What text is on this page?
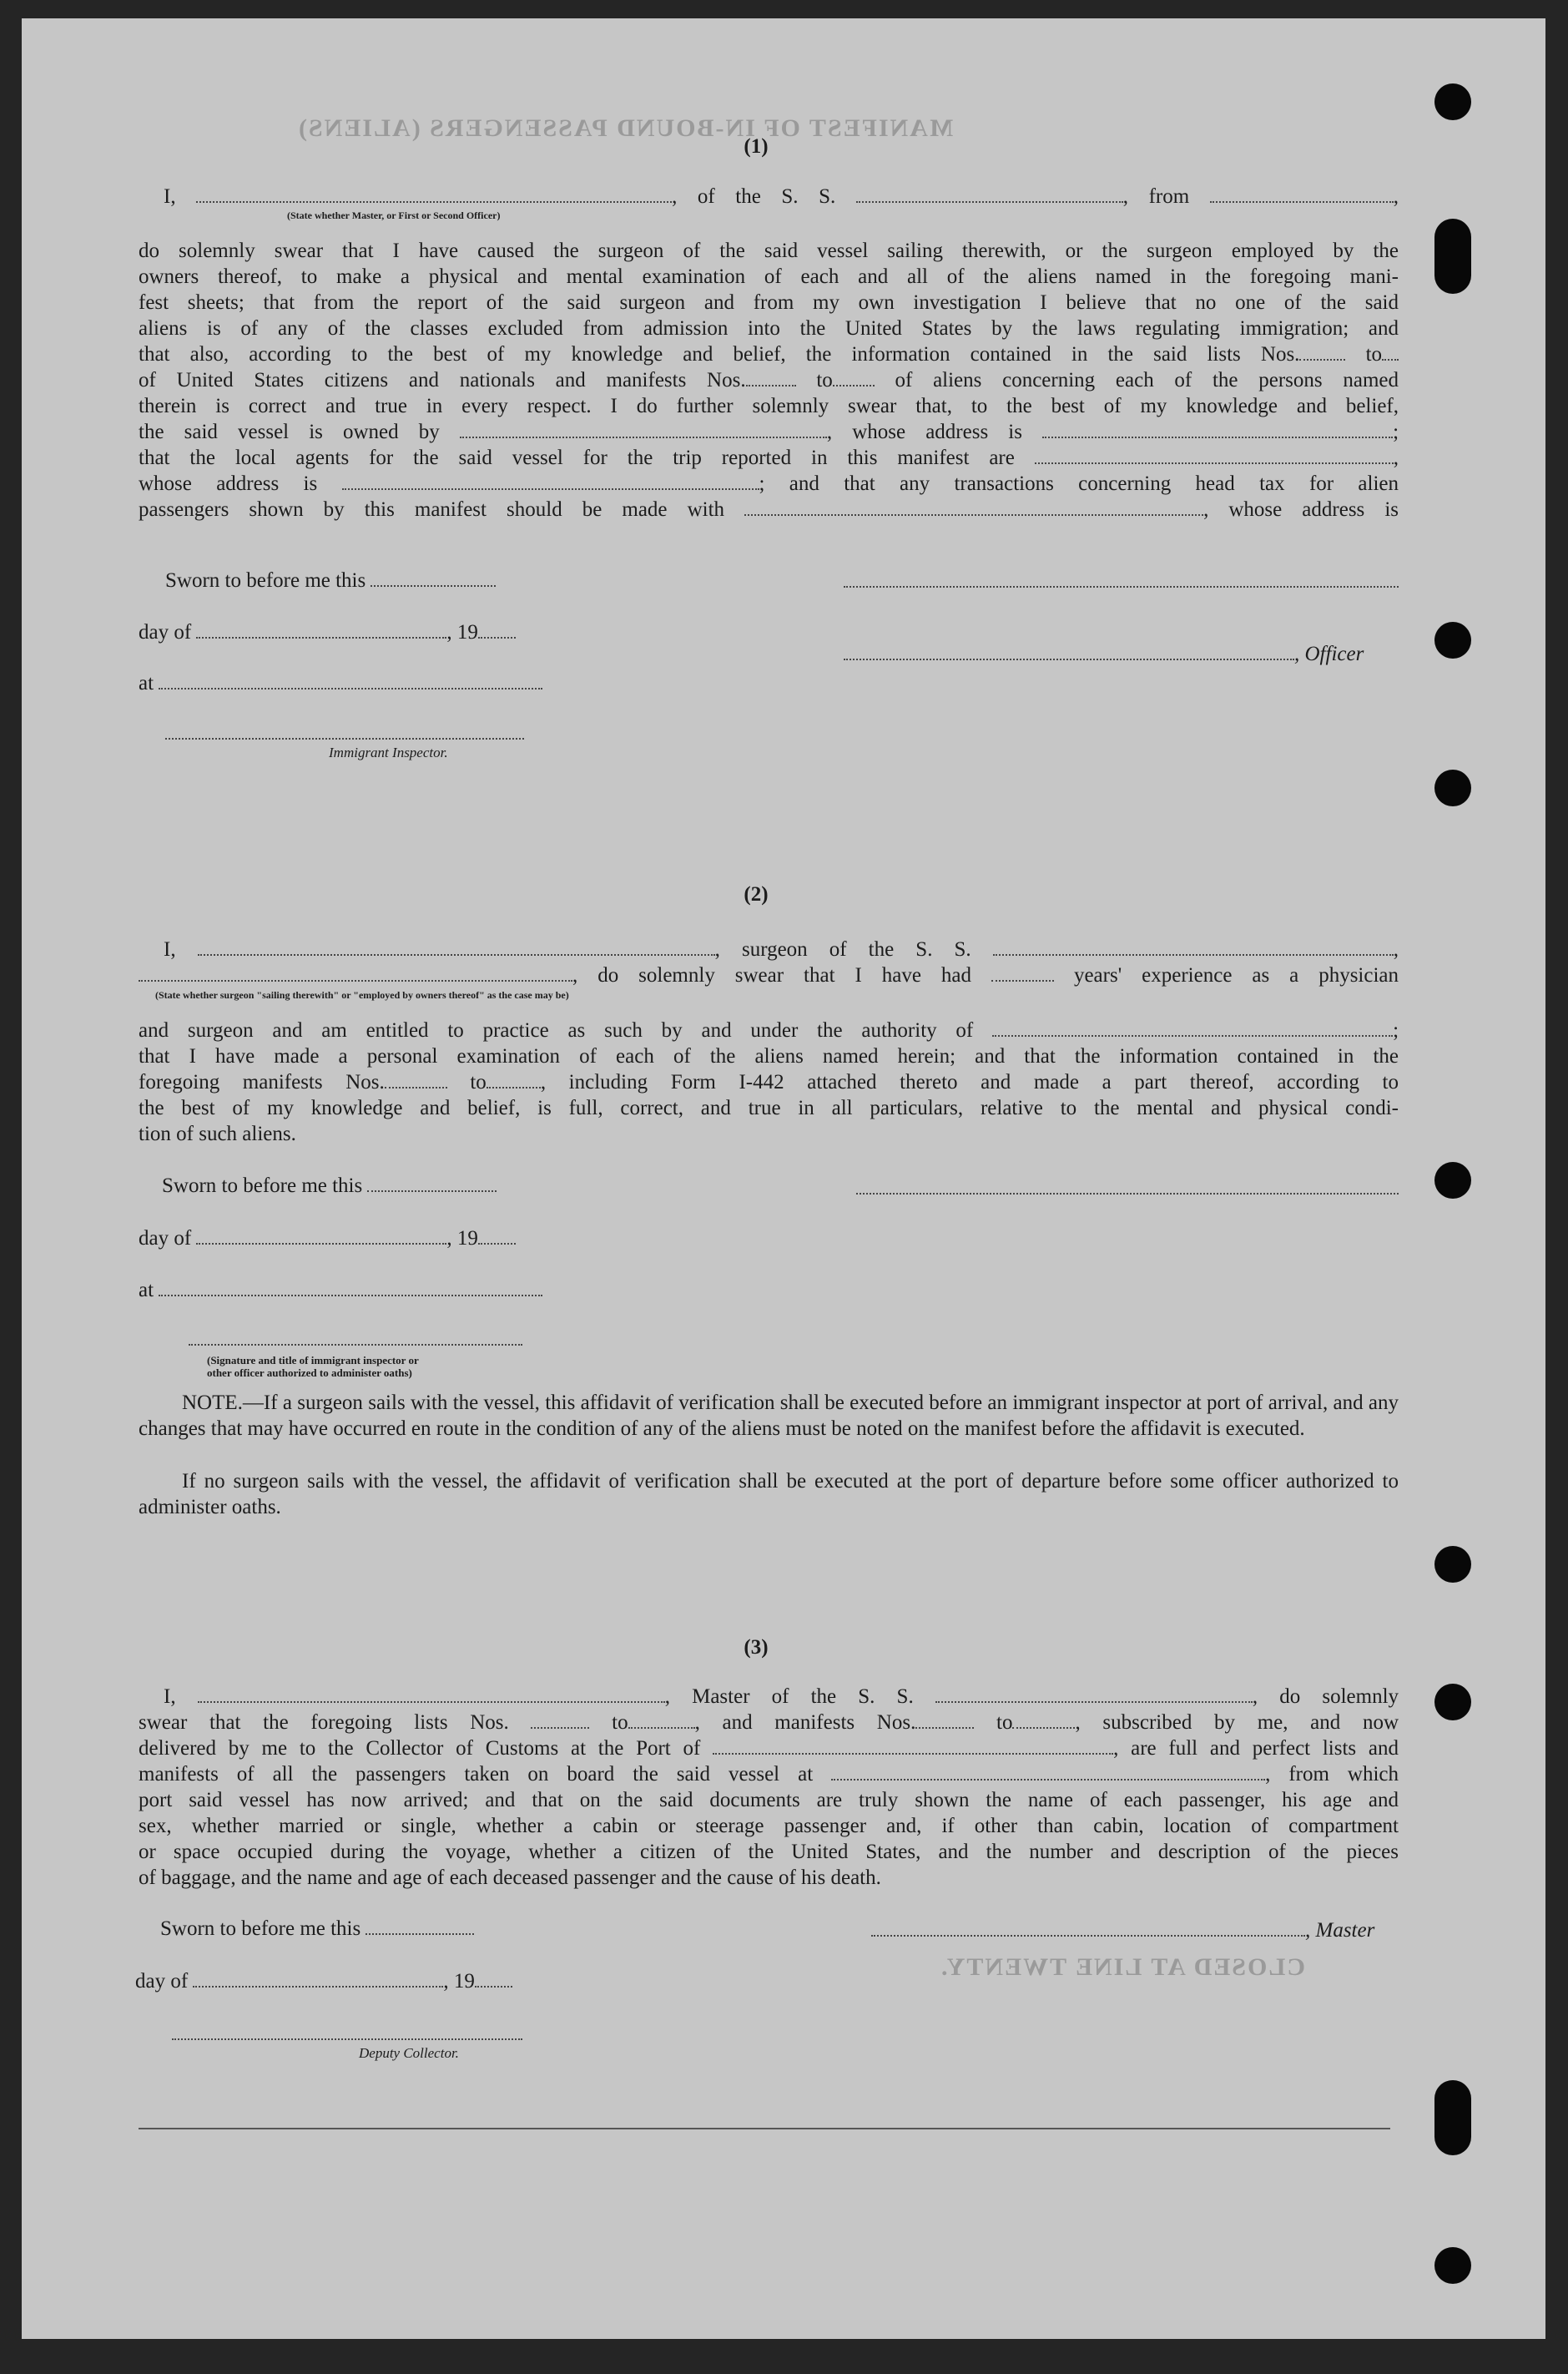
MANIFEST OF IN-BOUND PASSENGERS (ALIENS)
CLOSED AT LINE TWENTY.
(1)
I,	, of the S. S.	, from	,
(State whether Master, or First or Second Officer)
do solemnly swear that I have caused the surgeon of the said vessel sailing therewith, or the surgeon employed by the
owners thereof, to make a physical and mental examination of each and all of the aliens named in the foregoing mani-
fest sheets; that from the report of the said surgeon and from my own investigation I believe that no one of the said
aliens is of any of the classes excluded from admission into the United States by the laws regulating immigration; and
that also, according to the best of my knowledge and belief, the information contained in the said lists Nos.	to
of United States citizens and nationals and manifests Nos.	to	of aliens concerning each of the persons named
therein is correct and true in every respect. I do further solemnly swear that, to the best of my knowledge and belief,
the said vessel is owned by	, whose address is	;
that the local agents for the said vessel for the trip reported in this manifest are	,
whose address is	; and that any transactions concerning head tax for alien
passengers shown by this manifest should be made with	, whose address is
Sworn to before me this
day of	, 19
at
Immigrant Inspector.
, Officer
(2)
I,	, surgeon of the S. S.	,
, do solemnly swear that I have had	years' experience as a physician
(State whether surgeon "sailing therewith" or "employed by owners thereof" as the case may be)
and surgeon and am entitled to practice as such by and under the authority of	;
that I have made a personal examination of each of the aliens named herein; and that the information contained in the
foregoing manifests Nos.	to	, including Form I-442 attached thereto and made a part thereof, according to
the best of my knowledge and belief, is full, correct, and true in all particulars, relative to the mental and physical condi-
tion of such aliens.
Sworn to before me this
day of	, 19
at
(Signature and title of immigrant inspector or
other officer authorized to administer oaths)
NOTE.—If a surgeon sails with the vessel, this affidavit of verification shall be executed before an immigrant inspector at port of arrival, and any changes that may have occurred en route in the condition of any of the aliens must be noted on the manifest before the affidavit is executed.
If no surgeon sails with the vessel, the affidavit of verification shall be executed at the port of departure before some officer authorized to administer oaths.
(3)
I,	, Master of the S. S.	, do solemnly
swear that the foregoing lists Nos.	to	, and manifests Nos.	to	, subscribed by me, and now
delivered by me to the Collector of Customs at the Port of	, are full and perfect lists and
manifests of all the passengers taken on board the said vessel at	, from which
port said vessel has now arrived; and that on the said documents are truly shown the name of each passenger, his age and
sex, whether married or single, whether a cabin or steerage passenger and, if other than cabin, location of compartment
or space occupied during the voyage, whether a citizen of the United States, and the number and description of the pieces
of baggage, and the name and age of each deceased passenger and the cause of his death.
Sworn to before me this	, Master
day of	, 19
Deputy Collector.
